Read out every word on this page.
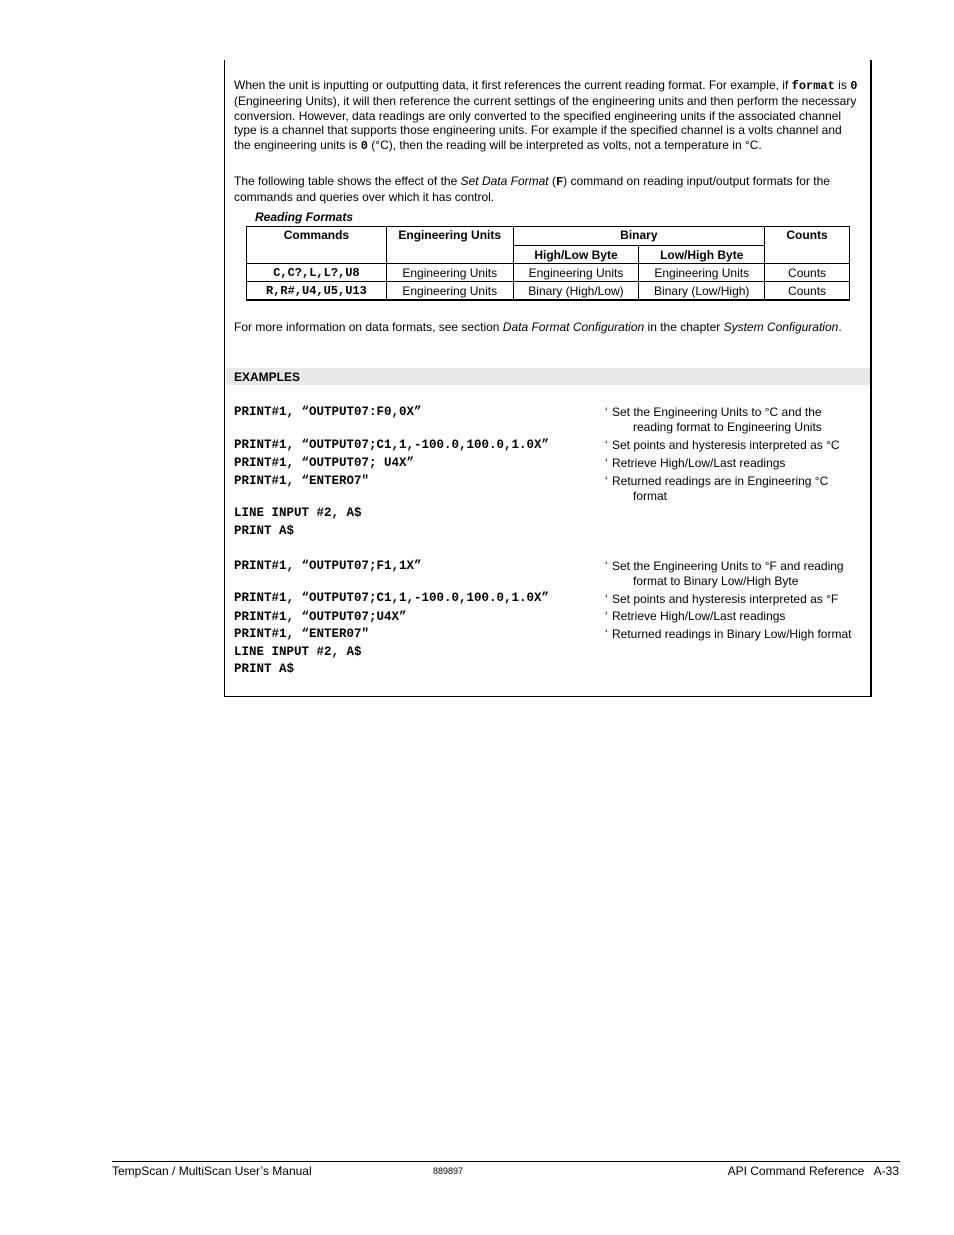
When the unit is inputting or outputting data, it first references the current reading format. For example, if format is 0 (Engineering Units), it will then reference the current settings of the engineering units and then perform the necessary conversion. However, data readings are only converted to the specified engineering units if the associated channel type is a channel that supports those engineering units. For example if the specified channel is a volts channel and the engineering units is 0 (°C), then the reading will be interpreted as volts, not a temperature in °C.
The following table shows the effect of the Set Data Format (F) command on reading input/output formats for the commands and queries over which it has control.
Reading Formats
Commands	Engineering Units	Binary		Counts
		High/Low Byte	Low/High Byte	
C,C?,L,L?,U8	Engineering Units	Engineering Units	Engineering Units	Counts
R,R#,U4,U5,U13	Engineering Units	Binary (High/Low)	Binary (Low/High)	Counts
For more information on data formats, see section Data Format Configuration in the chapter System Configuration.
EXAMPLES
PRINT#1, “OUTPUT07:F0,0X”
PRINT#1, “OUTPUT07;C1,1,-100.0,100.0,1.0X”
PRINT#1, “OUTPUT07; U4X”
PRINT#1, “ENTERO7"
LINE INPUT #2, A$
PRINT A$
PRINT#1, “OUTPUT07;F1,1X”
PRINT#1, “OUTPUT07;C1,1,-100.0,100.0,1.0X”
PRINT#1, “OUTPUT07;U4X”
PRINT#1, “ENTER07"
LINE INPUT #2, A$
PRINT A$
‘ Set the Engineering Units to °C and the
reading format to Engineering Units
‘ Set points and hysteresis interpreted as °C
‘ Retrieve High/Low/Last readings
‘ Returned readings are in Engineering °C
format
‘ Set the Engineering Units to °F and reading
format to Binary Low/High Byte
‘ Set points and hysteresis interpreted as °F
‘ Retrieve High/Low/Last readings
‘ Returned readings in Binary Low/High format
TempScan / MultiScan User’s Manual	889897	API Command Reference   A-33
